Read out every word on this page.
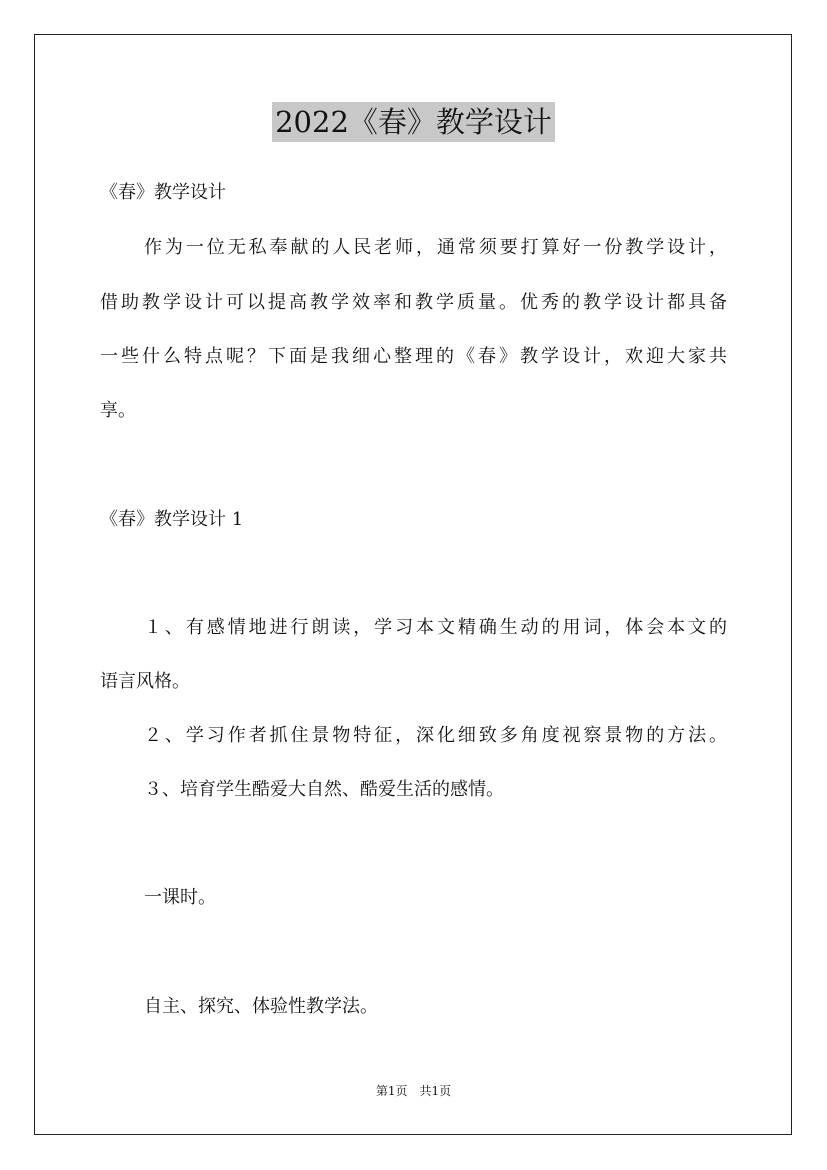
2022《春》教学设计
《春》教学设计
作为一位无私奉献的人民老师，通常须要打算好一份教学设计，
借助教学设计可以提高教学效率和教学质量。优秀的教学设计都具备
一些什么特点呢？下面是我细心整理的《春》教学设计，欢迎大家共
享。
《春》教学设计 1
１、有感情地进行朗读，学习本文精确生动的用词，体会本文的
语言风格。
２、学习作者抓住景物特征，深化细致多角度视察景物的方法。
３、培育学生酷爱大自然、酷爱生活的感情。
一课时。
自主、探究、体验性教学法。
第1页　共1页
